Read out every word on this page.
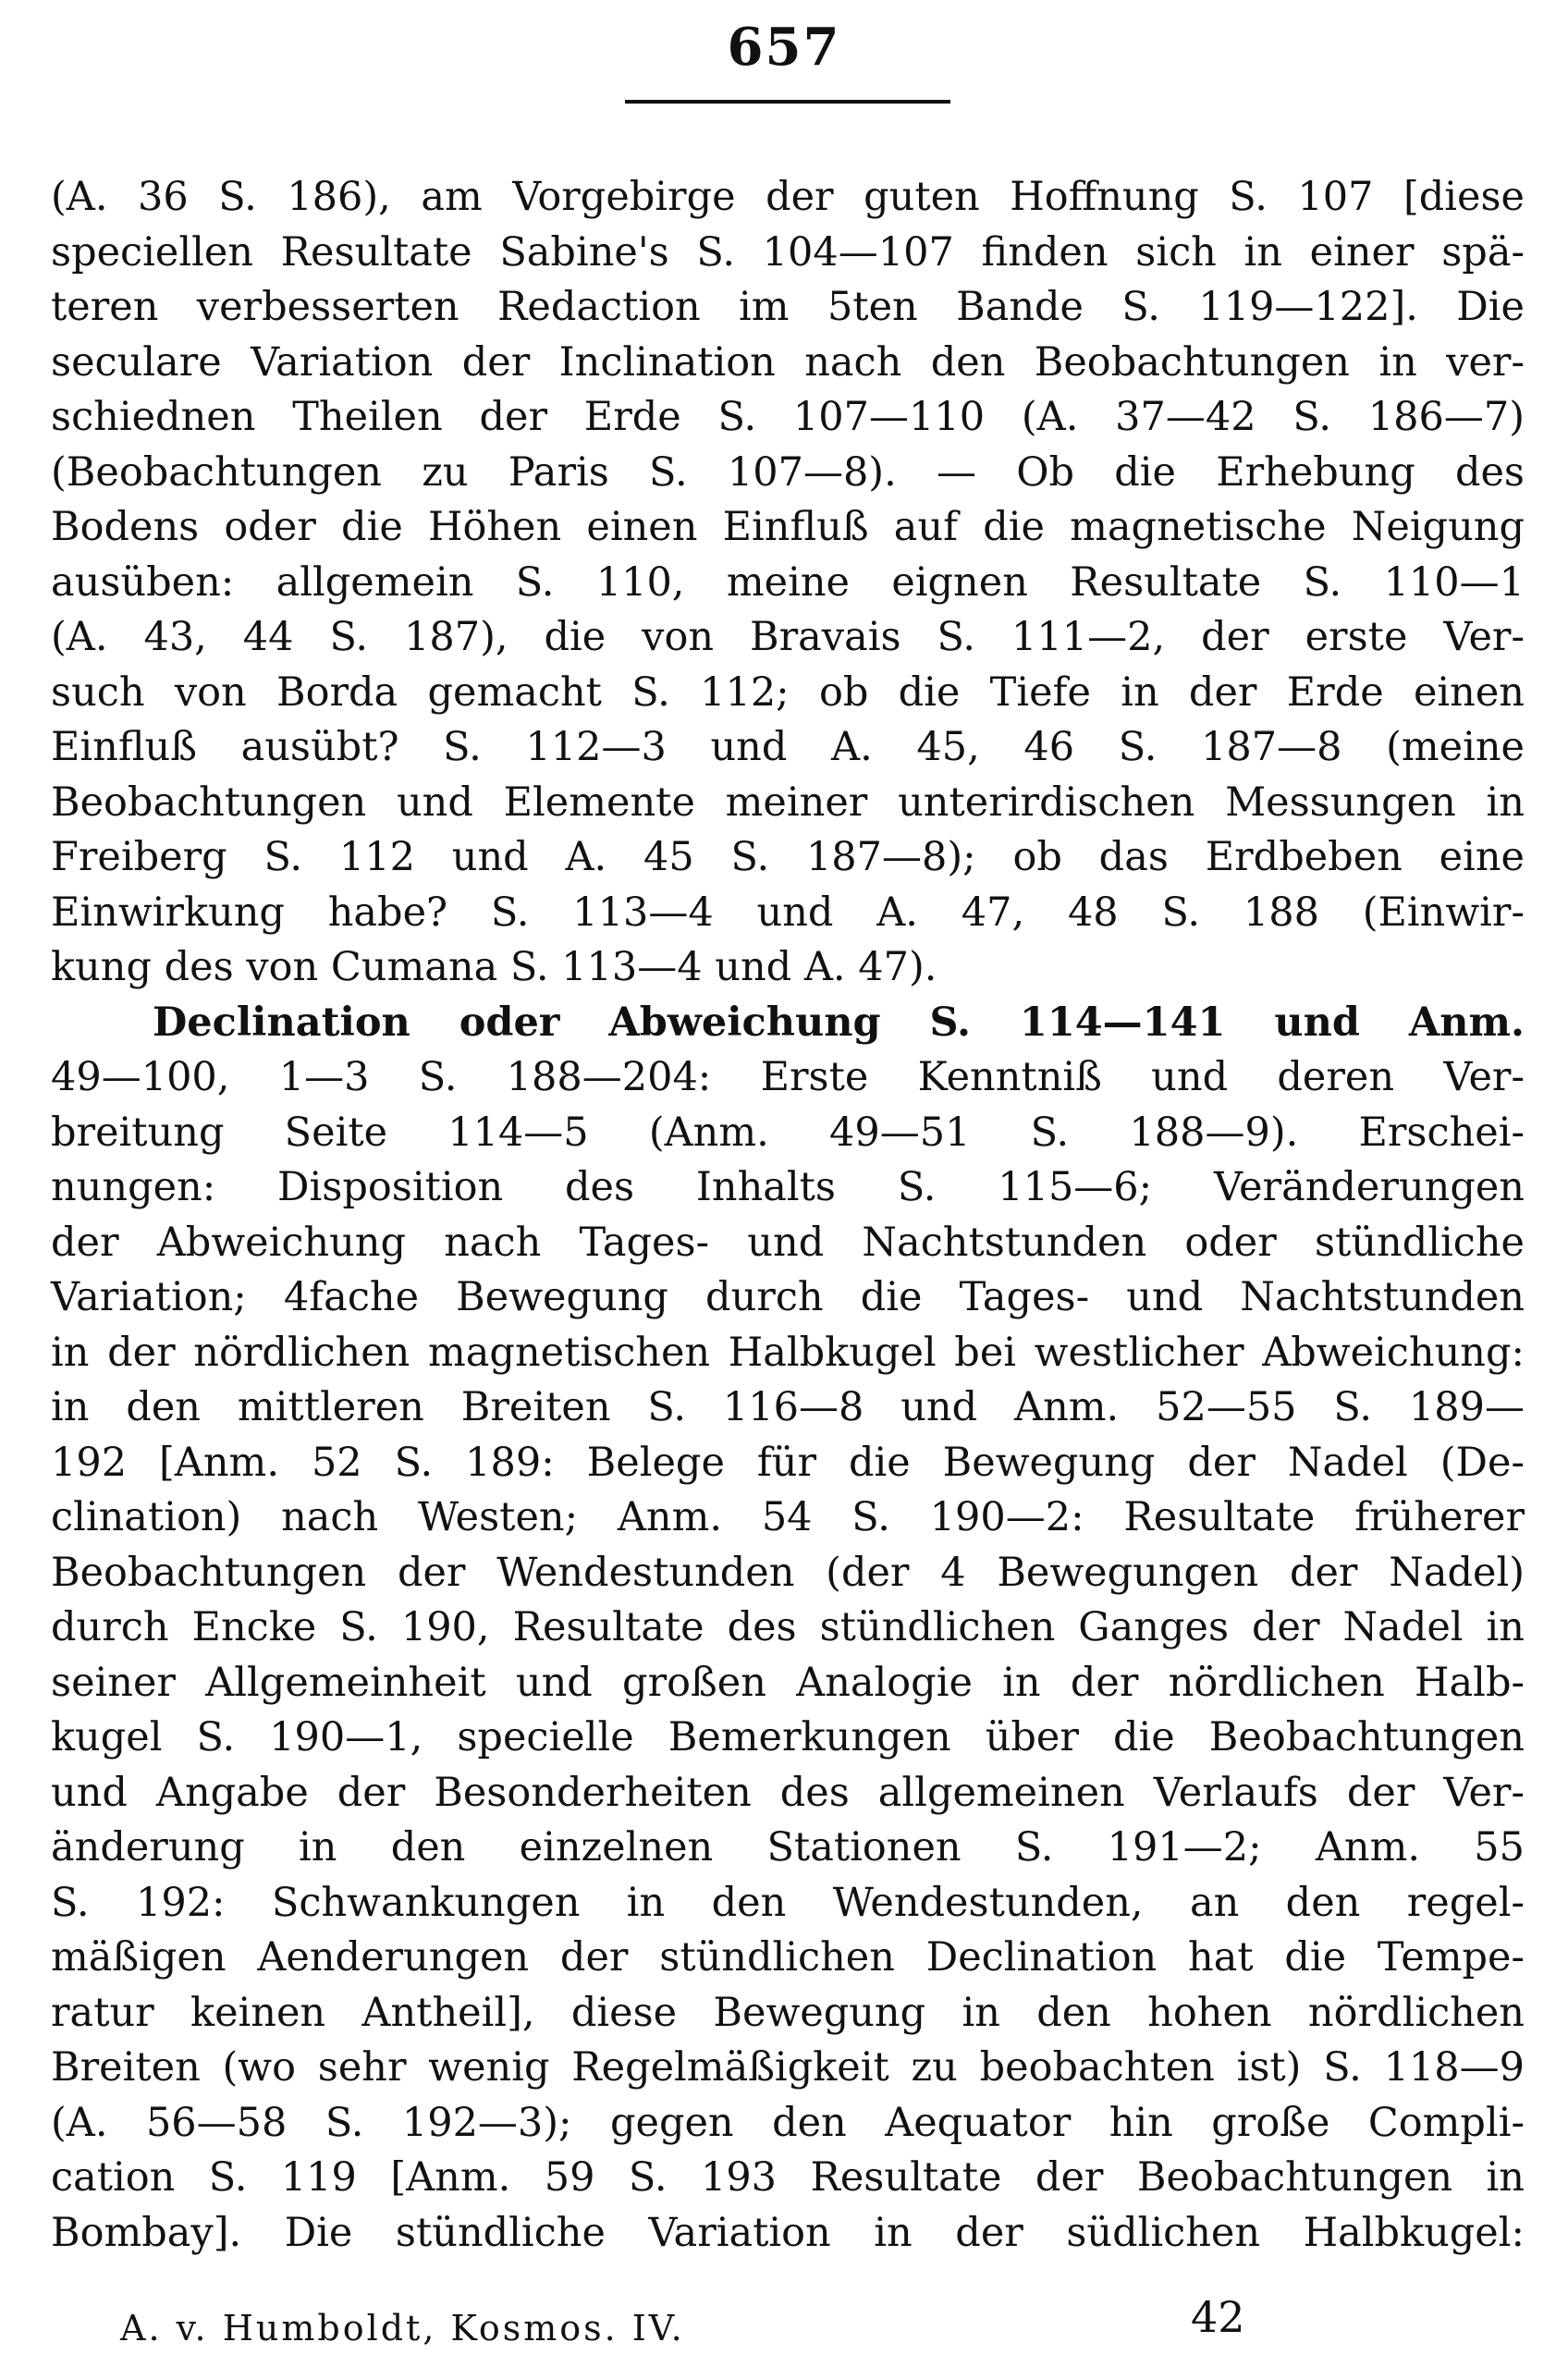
657
(A. 36 S. 186), am Vorgebirge der guten Hoffnung S. 107 [diese
speciellen Resultate Sabine's S. 104—107 finden sich in einer spä-
teren verbesserten Redaction im 5ten Bande S. 119—122]. Die
seculare Variation der Inclination nach den Beobachtungen in ver-
schiednen Theilen der Erde S. 107—110 (A. 37—42 S. 186—7)
(Beobachtungen zu Paris S. 107—8). — Ob die Erhebung des
Bodens oder die Höhen einen Einfluß auf die magnetische Neigung
ausüben: allgemein S. 110, meine eignen Resultate S. 110—1
(A. 43, 44 S. 187), die von Bravais S. 111—2, der erste Ver-
such von Borda gemacht S. 112; ob die Tiefe in der Erde einen
Einfluß ausübt? S. 112—3 und A. 45, 46 S. 187—8 (meine
Beobachtungen und Elemente meiner unterirdischen Messungen in
Freiberg S. 112 und A. 45 S. 187—8); ob das Erdbeben eine
Einwirkung habe? S. 113—4 und A. 47, 48 S. 188 (Einwir-
kung des von Cumana S. 113—4 und A. 47).
Declination oder Abweichung S. 114—141 und Anm.
49—100, 1—3 S. 188—204: Erste Kenntniß und deren Ver-
breitung Seite 114—5 (Anm. 49—51 S. 188—9). Erschei-
nungen: Disposition des Inhalts S. 115—6; Veränderungen
der Abweichung nach Tages- und Nachtstunden oder stündliche
Variation; 4fache Bewegung durch die Tages- und Nachtstunden
in der nördlichen magnetischen Halbkugel bei westlicher Abweichung:
in den mittleren Breiten S. 116—8 und Anm. 52—55 S. 189—
192 [Anm. 52 S. 189: Belege für die Bewegung der Nadel (De-
clination) nach Westen; Anm. 54 S. 190—2: Resultate früherer
Beobachtungen der Wendestunden (der 4 Bewegungen der Nadel)
durch Encke S. 190, Resultate des stündlichen Ganges der Nadel in
seiner Allgemeinheit und großen Analogie in der nördlichen Halb-
kugel S. 190—1, specielle Bemerkungen über die Beobachtungen
und Angabe der Besonderheiten des allgemeinen Verlaufs der Ver-
änderung in den einzelnen Stationen S. 191—2; Anm. 55
S. 192: Schwankungen in den Wendestunden, an den regel-
mäßigen Aenderungen der stündlichen Declination hat die Tempe-
ratur keinen Antheil], diese Bewegung in den hohen nördlichen
Breiten (wo sehr wenig Regelmäßigkeit zu beobachten ist) S. 118—9
(A. 56—58 S. 192—3); gegen den Aequator hin große Compli-
cation S. 119 [Anm. 59 S. 193 Resultate der Beobachtungen in
Bombay]. Die stündliche Variation in der südlichen Halbkugel:
A. v. Humboldt, Kosmos. IV.	42
